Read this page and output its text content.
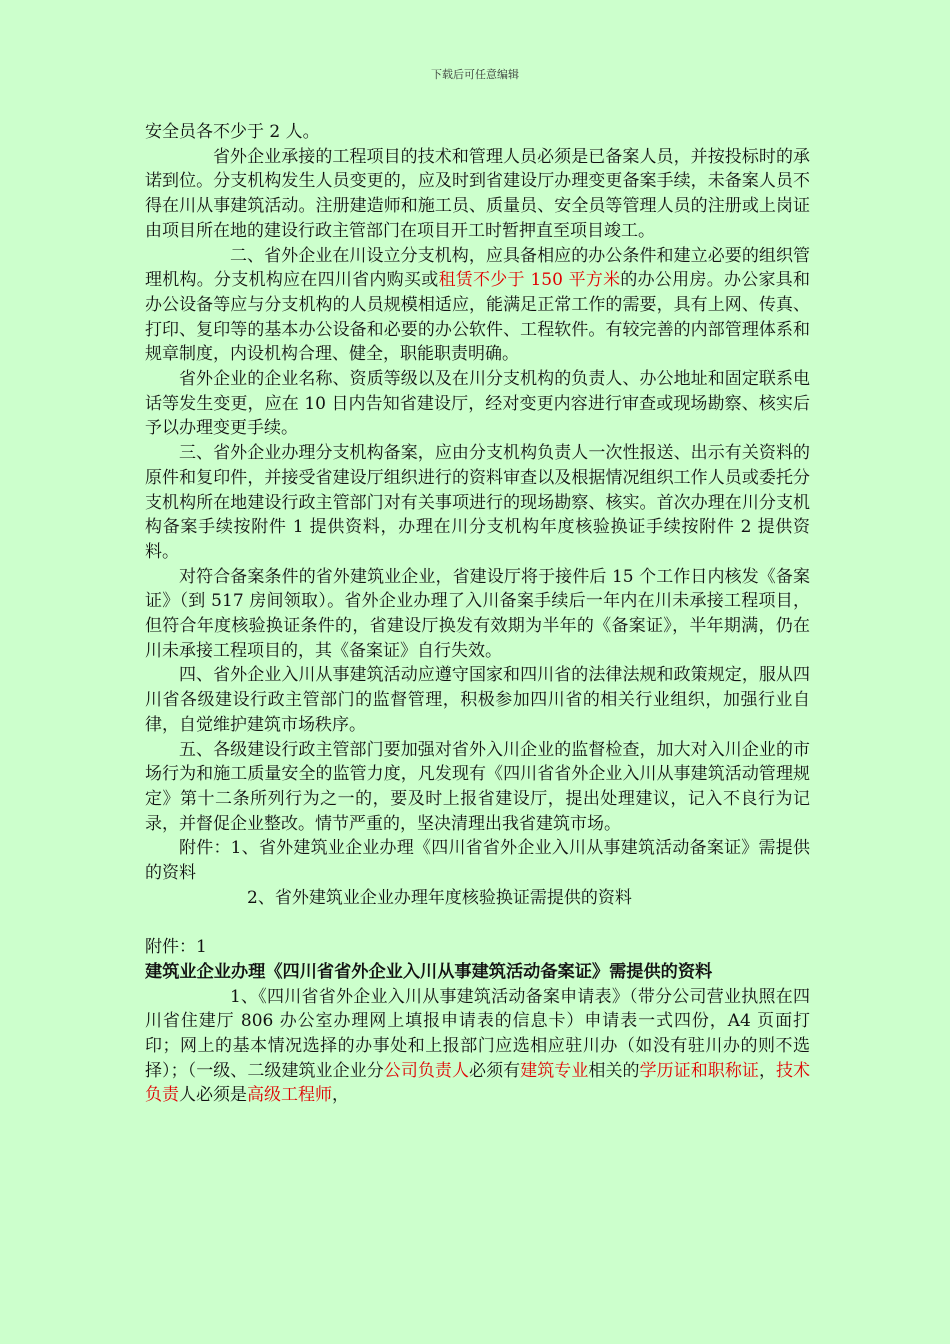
下载后可任意编辑

安全员各不少于 2 人。

省外企业承接的工程项目的技术和管理人员必须是已备案人员，并按投标时的承诺到位。分支机构发生人员变更的，应及时到省建设厅办理变更备案手续，未备案人员不得在川从事建筑活动。注册建造师和施工员、质量员、安全员等管理人员的注册或上岗证由项目所在地的建设行政主管部门在项目开工时暂押直至项目竣工。

二、省外企业在川设立分支机构，应具备相应的办公条件和建立必要的组织管理机构。分支机构应在四川省内购买或租赁不少于 150 平方米的办公用房。办公家具和办公设备等应与分支机构的人员规模相适应，能满足正常工作的需要，具有上网、传真、打印、复印等的基本办公设备和必要的办公软件、工程软件。有较完善的内部管理体系和规章制度，内设机构合理、健全，职能职责明确。

省外企业的企业名称、资质等级以及在川分支机构的负责人、办公地址和固定联系电话等发生变更，应在 10 日内告知省建设厅，经对变更内容进行审查或现场勘察、核实后予以办理变更手续。

三、省外企业办理分支机构备案，应由分支机构负责人一次性报送、出示有关资料的原件和复印件，并接受省建设厅组织进行的资料审查以及根据情况组织工作人员或委托分支机构所在地建设行政主管部门对有关事项进行的现场勘察、核实。首次办理在川分支机构备案手续按附件 1 提供资料，办理在川分支机构年度核验换证手续按附件 2 提供资料。

对符合备案条件的省外建筑业企业，省建设厅将于接件后 15 个工作日内核发《备案证》（到 517 房间领取）。省外企业办理了入川备案手续后一年内在川未承接工程项目，但符合年度核验换证条件的，省建设厅换发有效期为半年的《备案证》，半年期满，仍在川未承接工程项目的，其《备案证》自行失效。

四、省外企业入川从事建筑活动应遵守国家和四川省的法律法规和政策规定，服从四川省各级建设行政主管部门的监督管理，积极参加四川省的相关行业组织，加强行业自律，自觉维护建筑市场秩序。

五、各级建设行政主管部门要加强对省外入川企业的监督检查，加大对入川企业的市场行为和施工质量安全的监管力度，凡发现有《四川省省外企业入川从事建筑活动管理规定》第十二条所列行为之一的，要及时上报省建设厅，提出处理建议，记入不良行为记录，并督促企业整改。情节严重的，坚决清理出我省建筑市场。

附件：1、省外建筑业企业办理《四川省省外企业入川从事建筑活动备案证》需提供的资料

2、省外建筑业企业办理年度核验换证需提供的资料

附件：1

建筑业企业办理《四川省省外企业入川从事建筑活动备案证》需提供的资料

1、《四川省省外企业入川从事建筑活动备案申请表》（带分公司营业执照在四川省住建厅 806 办公室办理网上填报申请表的信息卡）申请表一式四份，A4 页面打印；网上的基本情况选择的办事处和上报部门应选相应驻川办（如没有驻川办的则不选择）；（一级、二级建筑业企业分公司负责人必须有建筑专业相关的学历证和职称证，技术负责人必须是高级工程师，
